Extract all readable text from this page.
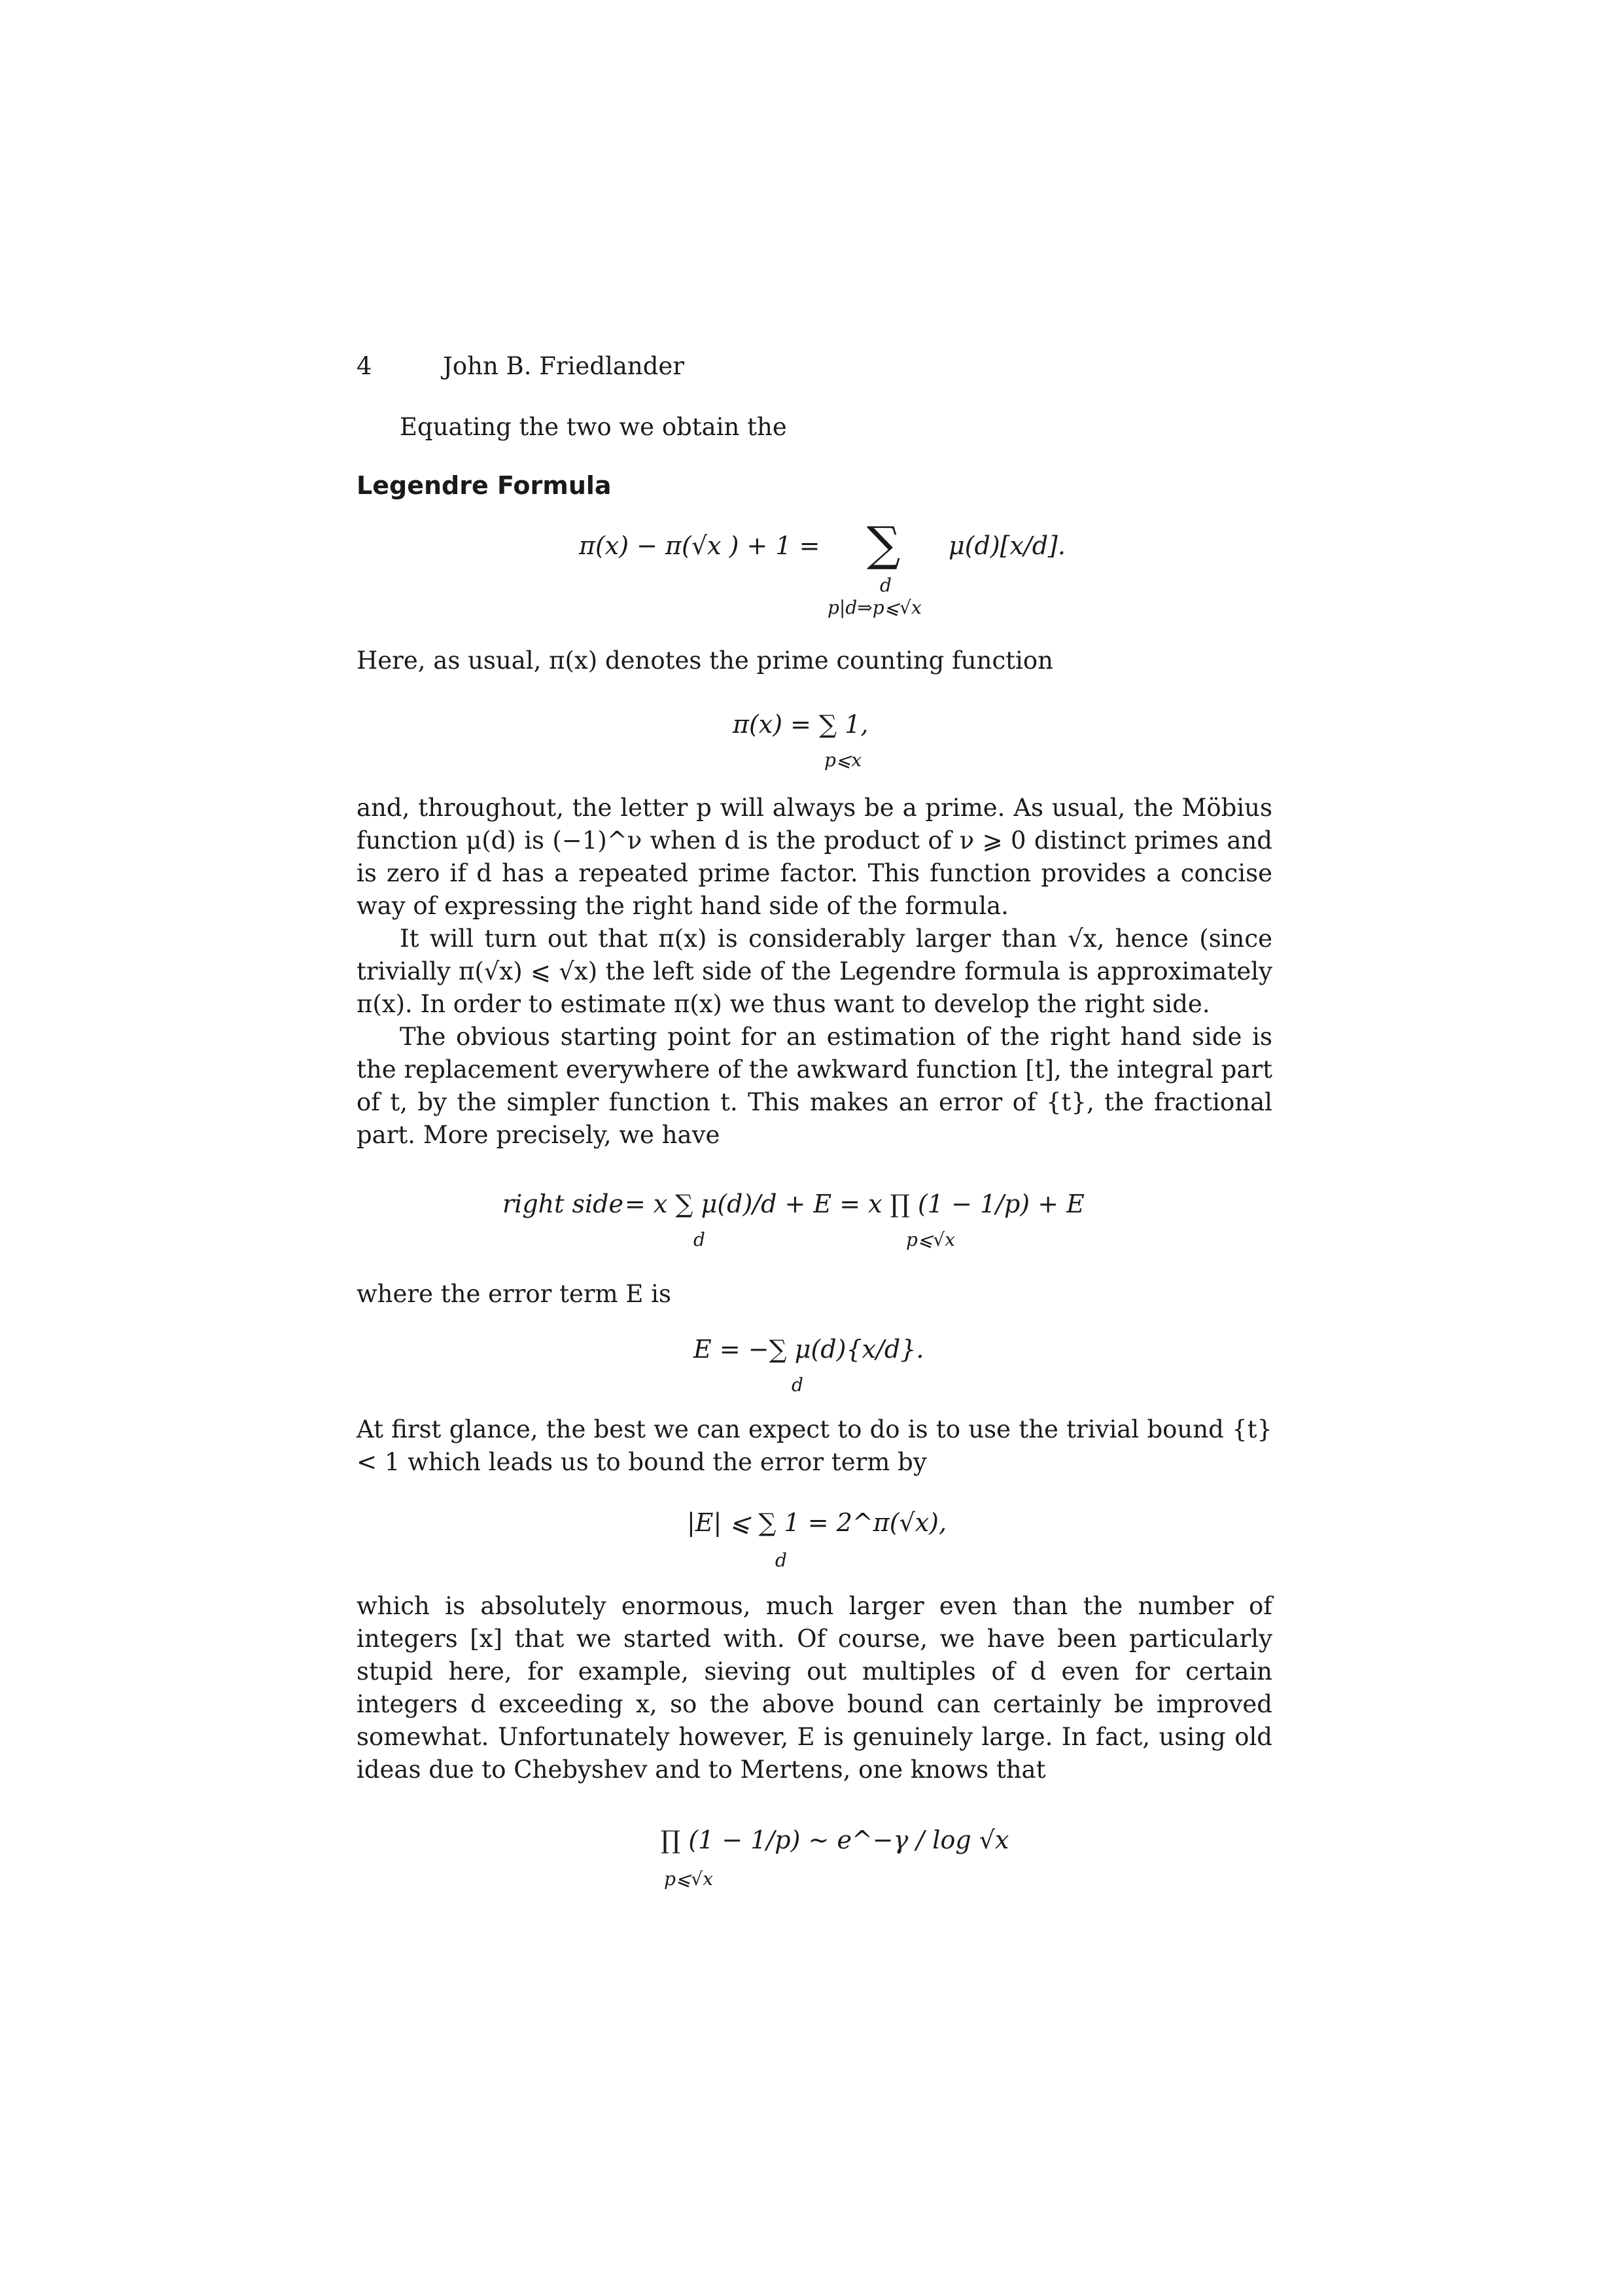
4	John B. Friedlander

Equating the two we obtain the

Legendre Formula
π(x) − π(√x ) + 1 = ∑ μ(d)[x/d].
d
p|d⇒p⩽√x

Here, as usual, π(x) denotes the prime counting function

π(x) = ∑ 1,
p⩽x

and, throughout, the letter p will always be a prime. As usual, the Möbius function μ(d) is (−1)^ν when d is the product of ν ⩾ 0 distinct primes and is zero if d has a repeated prime factor. This function provides a concise way of expressing the right hand side of the formula.

It will turn out that π(x) is considerably larger than √x, hence (since trivially π(√x) ⩽ √x) the left side of the Legendre formula is approximately π(x). In order to estimate π(x) we thus want to develop the right side.

The obvious starting point for an estimation of the right hand side is the replacement everywhere of the awkward function [t], the integral part of t, by the simpler function t. This makes an error of {t}, the fractional part. More precisely, we have

right side = x ∑ μ(d)/d + E = x ∏ (1 − 1/p) + E
d	p⩽√x

where the error term E is

E = −∑ μ(d){x/d}.
d

At first glance, the best we can expect to do is to use the trivial bound {t} < 1 which leads us to bound the error term by

|E| ⩽ ∑ 1 = 2^π(√x),
d

which is absolutely enormous, much larger even than the number of integers [x] that we started with. Of course, we have been particularly stupid here, for example, sieving out multiples of d even for certain integers d exceeding x, so the above bound can certainly be improved somewhat. Unfortunately however, E is genuinely large. In fact, using old ideas due to Chebyshev and to Mertens, one knows that

∏ (1 − 1/p) ∼ e^−γ / log √x
p⩽√x
